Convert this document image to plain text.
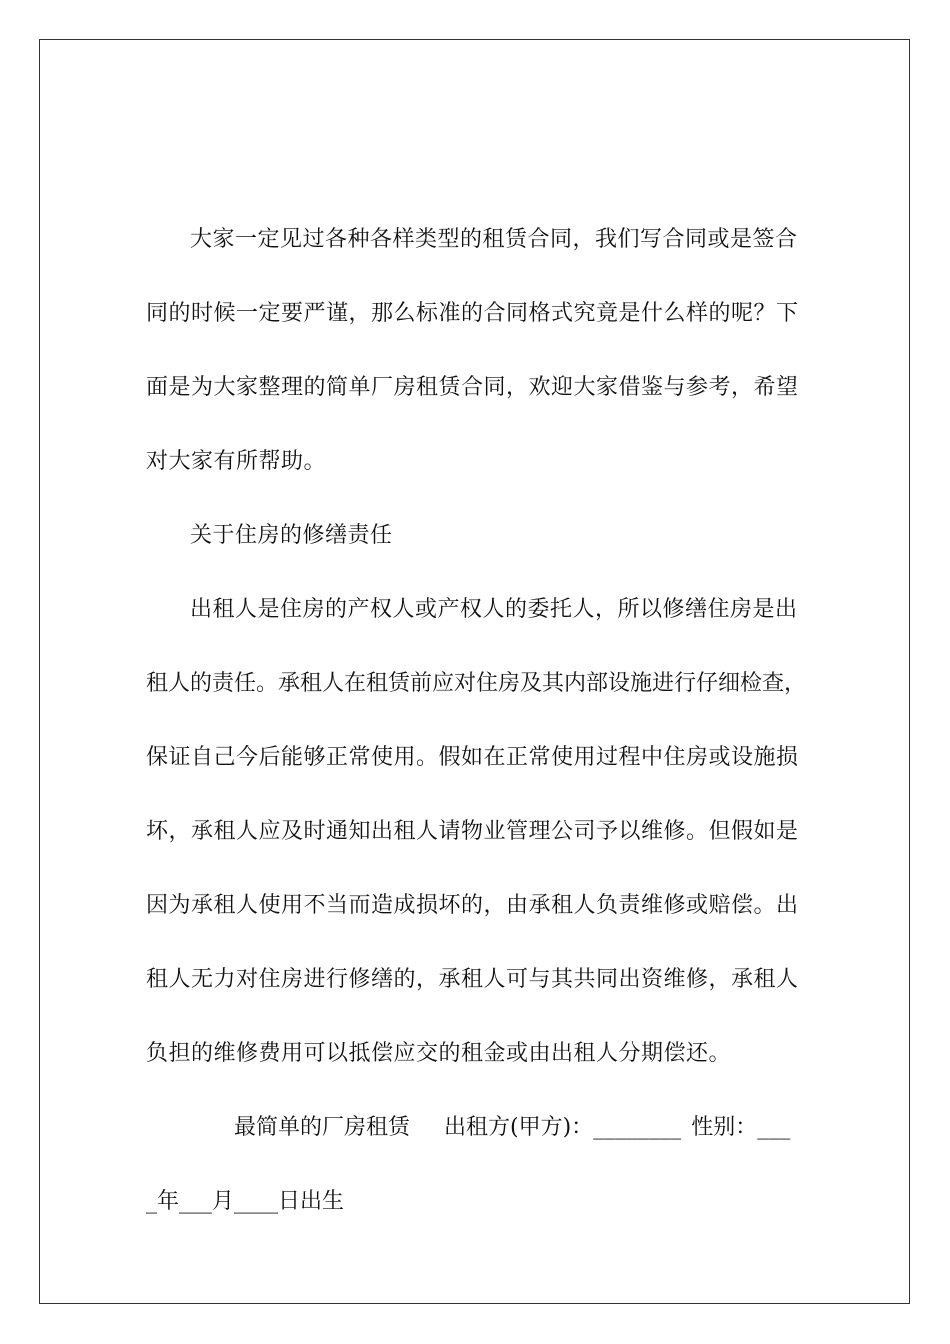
大家一定见过各种各样类型的租赁合同，我们写合同或是签合
同的时候一定要严谨，那么标准的合同格式究竟是什么样的呢？下
面是为大家整理的简单厂房租赁合同，欢迎大家借鉴与参考，希望
对大家有所帮助。

关于住房的修缮责任

出租人是住房的产权人或产权人的委托人，所以修缮住房是出
租人的责任。承租人在租赁前应对住房及其内部设施进行仔细检查，
保证自己今后能够正常使用。假如在正常使用过程中住房或设施损
坏，承租人应及时通知出租人请物业管理公司予以维修。但假如是
因为承租人使用不当而造成损坏的，由承租人负责维修或赔偿。出
租人无力对住房进行修缮的，承租人可与其共同出资维修，承租人
负担的维修费用可以抵偿应交的租金或由出租人分期偿还。

最简单的厂房租赁 出租方(甲方)：________ 性别：___

_年___月____日出生
